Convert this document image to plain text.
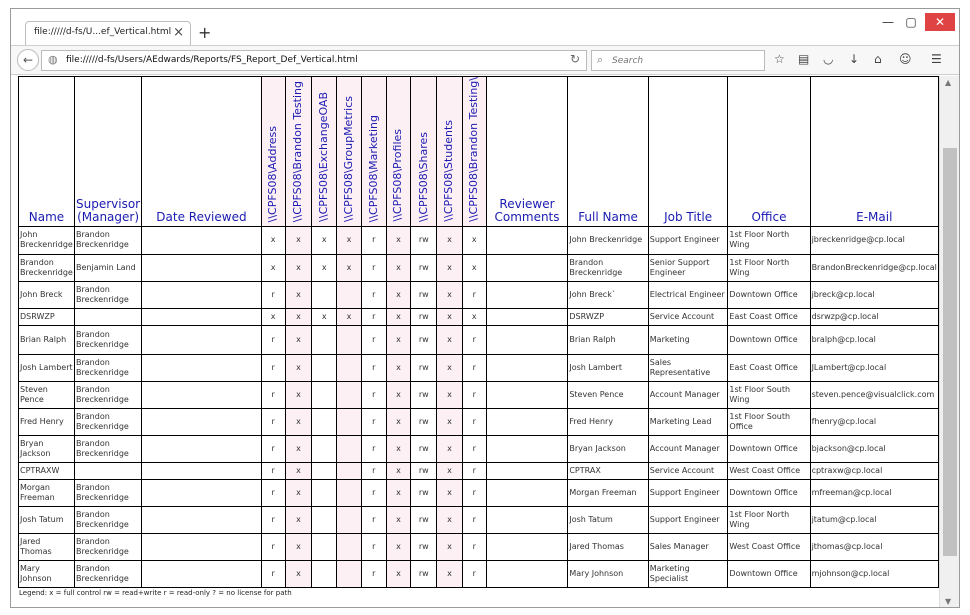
file://///d-fs/U...ef_Vertical.html × +
— ▢	✕
←	◍ file://///d-fs/Users/AEdwards/Reports/FS_Report_Def_Vertical.html	↻ ⌕
Search	☆ ▤ ◡ ↓ ⌂ ☺ ☰
Name	Supervisor (Manager)	Date Reviewed	\\CPFS08\Address	\\CPFS08\Brandon Testing	\\CPFS08\ExchangeOAB	\\CPFS08\GroupMetrics	\\CPFS08\Marketing	\\CPFS08\Profiles	\\CPFS08\Shares	\\CPFS08\Students	\\CPFS08\Brandon Testing\	Reviewer Comments	Full Name	Job Title	Office	E-Mail
John Breckenridge	Brandon Breckenridge		x	x	x	x	r	x	rw	x	x		John Breckenridge	Support Engineer	1st Floor North Wing	jbreckenridge@cp.local
Brandon Breckenridge	Benjamin Land		x	x	x	x	r	x	rw	x	x		Brandon Breckenridge	Senior Support Engineer	1st Floor North Wing	BrandonBreckenridge@cp.local
John Breck	Brandon Breckenridge		r	x			r	x	rw	x	r		John Breck`	Electrical Engineer	Downtown Office	jbreck@cp.local
DSRWZP			x	x	x	x	r	x	rw	x	x		DSRWZP	Service Account	East Coast Office	dsrwzp@cp.local
Brian Ralph	Brandon Breckenridge		r	x			r	x	rw	x	r		Brian Ralph	Marketing	Downtown Office	bralph@cp.local
Josh Lambert	Brandon Breckenridge		r	x			r	x	rw	x	r		Josh Lambert	Sales Representative	East Coast Office	JLambert@cp.local
Steven Pence	Brandon Breckenridge		r	x			r	x	rw	x	r		Steven Pence	Account Manager	1st Floor South Wing	steven.pence@visualclick.com
Fred Henry	Brandon Breckenridge		r	x			r	x	rw	x	r		Fred Henry	Marketing Lead	1st Floor South Office	fhenry@cp.local
Bryan Jackson	Brandon Breckenridge		r	x			r	x	rw	x	r		Bryan Jackson	Account Manager	Downtown Office	bjackson@cp.local
CPTRAXW			r	x			r	x	rw	x	r		CPTRAX	Service Account	West Coast Office	cptraxw@cp.local
Morgan Freeman	Brandon Breckenridge		r	x			r	x	rw	x	r		Morgan Freeman	Support Engineer	Downtown Office	mfreeman@cp.local
Josh Tatum	Brandon Breckenridge		r	x			r	x	rw	x	r		Josh Tatum	Support Engineer	1st Floor North Wing	jtatum@cp.local
Jared Thomas	Brandon Breckenridge		r	x			r	x	rw	x	r		Jared Thomas	Sales Manager	West Coast Office	jthomas@cp.local
Mary Johnson	Brandon Breckenridge		r	x			r	x	rw	x	r		Mary Johnson	Marketing Specialist	Downtown Office	mjohnson@cp.local
Legend: x = full control rw = read+write r = read-only ? = no license for path
▲
▼
